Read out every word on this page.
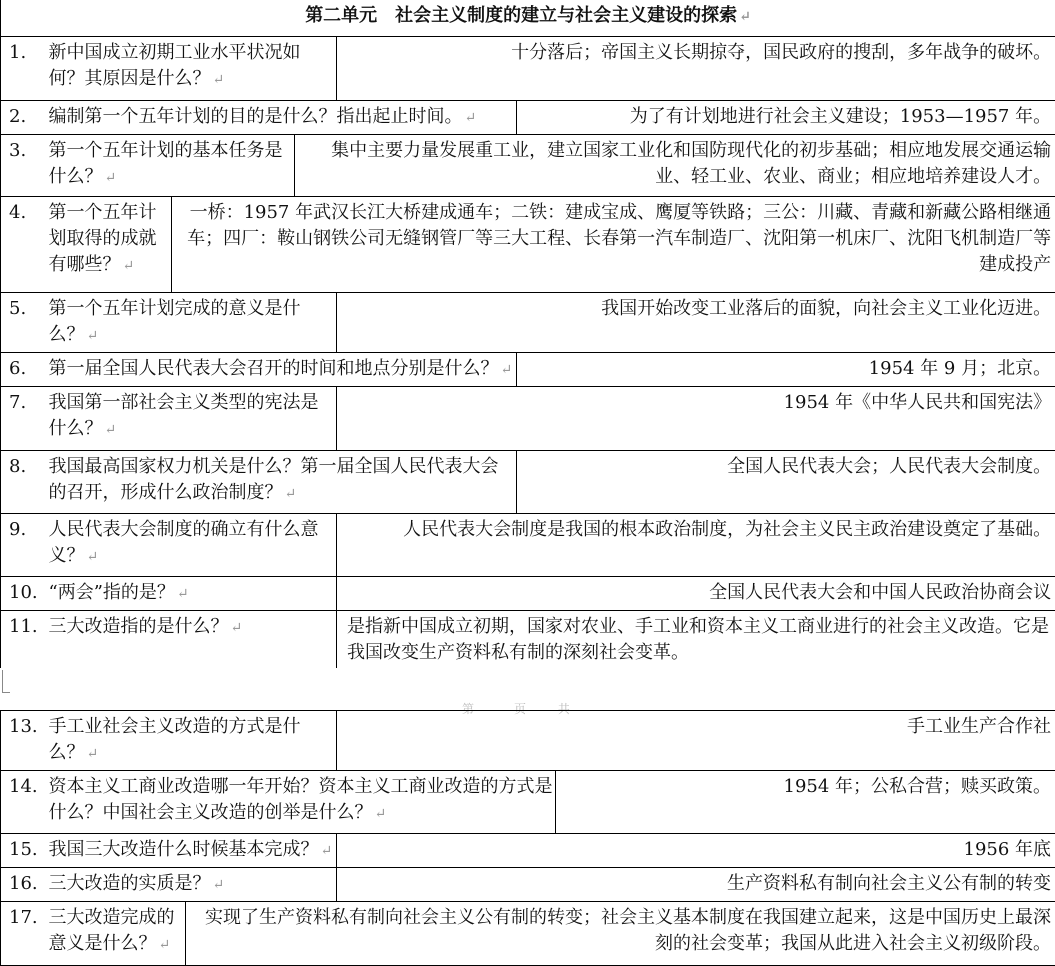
第二单元　社会主义制度的建立与社会主义建设的探索 ↵					
1.	新中国成立初期工业水平状况如何？其原因是什么？ ↵			十分落后；帝国主义长期掠夺，国民政府的搜刮，多年战争的破坏。	
2.	编制第一个五年计划的目的是什么？指出起止时间。 ↵				为了有计划地进行社会主义建设；1953—1957 年。
3.	第一个五年计划的基本任务是什么？ ↵		集中主要力量发展重工业，建立国家工业化和国防现代化的初步基础；相应地发展交通运输业、轻工业、农业、商业；相应地培养建设人才。		
4.	第一个五年计划取得的成就有哪些？ ↵	一桥：1957 年武汉长江大桥建成通车；二铁：建成宝成、鹰厦等铁路；三公：川藏、青藏和新藏公路相继通车；四厂：鞍山钢铁公司无缝钢管厂等三大工程、长春第一汽车制造厂、沈阳第一机床厂、沈阳飞机制造厂等建成投产			
5.	第一个五年计划完成的意义是什么？ ↵			我国开始改变工业落后的面貌，向社会主义工业化迈进。	
6.	第一届全国人民代表大会召开的时间和地点分别是什么？ ↵				1954 年 9 月；北京。
7.	我国第一部社会主义类型的宪法是什么？ ↵			1954 年《中华人民共和国宪法》	
8.	我国最高国家权力机关是什么？第一届全国人民代表大会的召开，形成什么政治制度？ ↵				全国人民代表大会；人民代表大会制度。
9.	人民代表大会制度的确立有什么意义？ ↵			人民代表大会制度是我国的根本政治制度，为社会主义民主政治建设奠定了基础。	
10.	“两会”指的是？ ↵			全国人民代表大会和中国人民政治协商会议	
11.	三大改造指的是什么？ ↵			是指新中国成立初期，国家对农业、手工业和资本主义工商业进行的社会主义改造。它是我国改变生产资料私有制的深刻社会变革。	

第　页 共
13.	手工业社会主义改造的方式是什么？ ↵		手工业生产合作社	
14.	资本主义工商业改造哪一年开始？资本主义工商业改造的方式是什么？中国社会主义改造的创举是什么？ ↵			1954 年；公私合营；赎买政策。
15.	我国三大改造什么时候基本完成？ ↵		1956 年底	
16.	三大改造的实质是？ ↵		生产资料私有制向社会主义公有制的转变	
17.	三大改造完成的意义是什么？ ↵	实现了生产资料私有制向社会主义公有制的转变；社会主义基本制度在我国建立起来，这是中国历史上最深刻的社会变革；我国从此进入社会主义初级阶段。		
